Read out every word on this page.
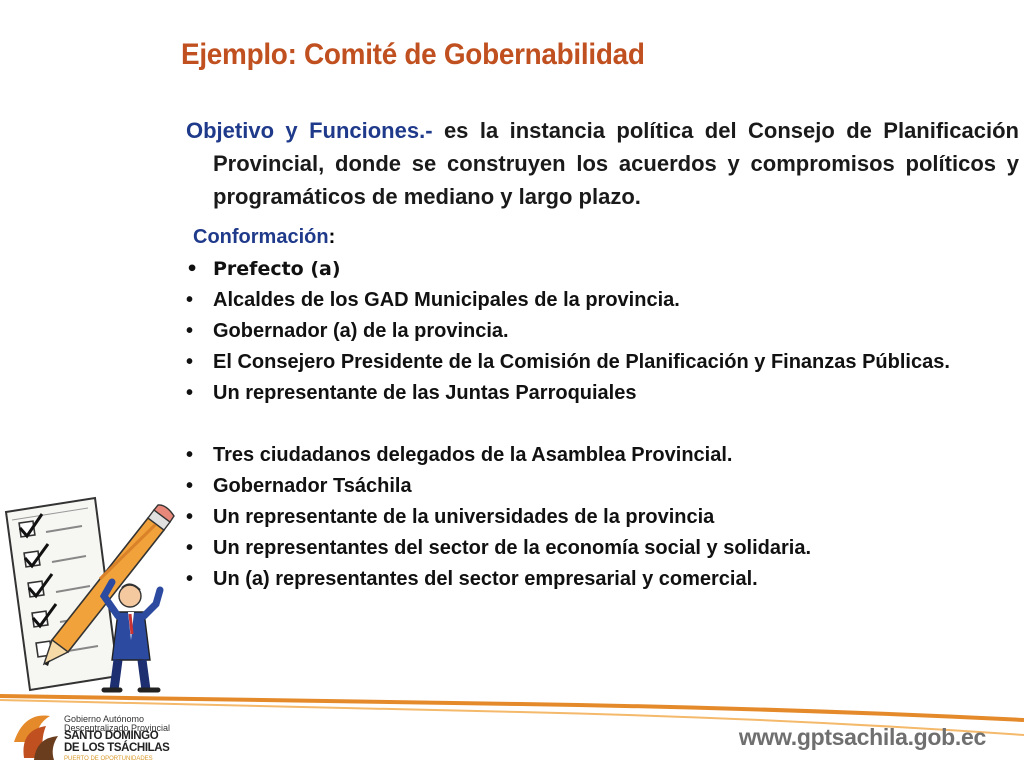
Ejemplo: Comité de Gobernabilidad
Objetivo y Funciones.- es la instancia política del Consejo de Planificación Provincial, donde se construyen los acuerdos y compromisos políticos y programáticos de mediano y largo plazo.
Conformación:
• Prefecto (a)
• Alcaldes de los GAD Municipales de la provincia.
• Gobernador (a) de la provincia.
• El Consejero Presidente de la Comisión de Planificación y Finanzas Públicas.
• Un representante de las Juntas Parroquiales
• Tres ciudadanos delegados de la Asamblea Provincial.
• Gobernador Tsáchila
• Un representante de la universidades de la provincia
• Un representantes del sector de la economía social y solidaria.
• Un (a) representantes del sector empresarial y comercial.
Gobierno Autónomo
Descentralizado Provincial
SANTO DOMINGO
DE LOS TSÁCHILAS
PUERTO DE OPORTUNIDADES
www.gptsachila.gob.ec
